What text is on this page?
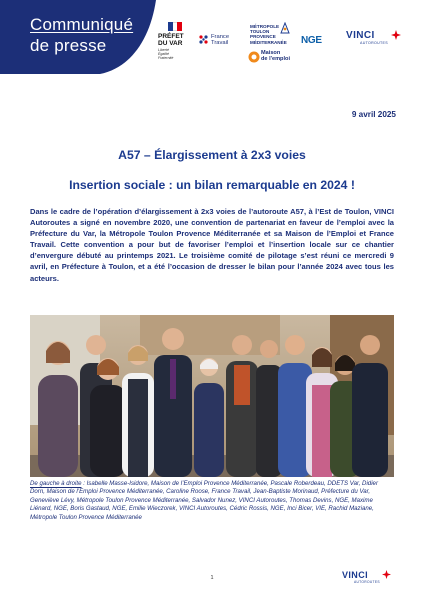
Communiqué
de presse	PRÉFET
DU VAR
Liberté
Égalité
Fraternité
France
Travail
MÉTROPOLE
TOULON
PROVENCE
MÉDITERRANÉE
Maison
de l'emploi
NGE	VINCI
AUTOROUTES
9 avril 2025
A57 – Élargissement à 2x3 voies
Insertion sociale : un bilan remarquable en 2024 !

Dans le cadre de l’opération d’élargissement à 2x3 voies de l’autoroute A57, à l’Est de Toulon, VINCI Autoroutes a signé en novembre 2020, une convention de partenariat en faveur de l’emploi avec la Préfecture du Var, la Métropole Toulon Provence Méditerranée et sa Maison de l’Emploi et France Travail. Cette convention a pour but de favoriser l’emploi et l’insertion locale sur ce chantier d’envergure débuté au printemps 2021. Le troisième comité de pilotage s’est réuni ce mercredi 9 avril, en Préfecture à Toulon, et a été l’occasion de dresser le bilan pour l’année 2024 avec tous les acteurs.

De gauche à droite : Isabelle Masse-Isidore, Maison de l’Emploi Provence Méditerranée, Pascale Roberdeau, DDETS Var, Didier Dorn, Maison de l’Emploi Provence Méditerranée, Caroline Roose, France Travail, Jean-Baptiste Morinaud, Préfecture du Var, Geneviève Lévy, Métropole Toulon Provence Méditerranée, Salvador Nunez, VINCI Autoroutes, Thomas Devins, NGE, Maxime Liénard, NGE, Boris Gastaud, NGE, Emilie Wieczorek, VINCI Autoroutes, Cédric Rossis, NGE, Inci Bicer, VIE, Rachid Maziane, Métropole Toulon Provence Méditerranée

1	VINCI
AUTOROUTES
